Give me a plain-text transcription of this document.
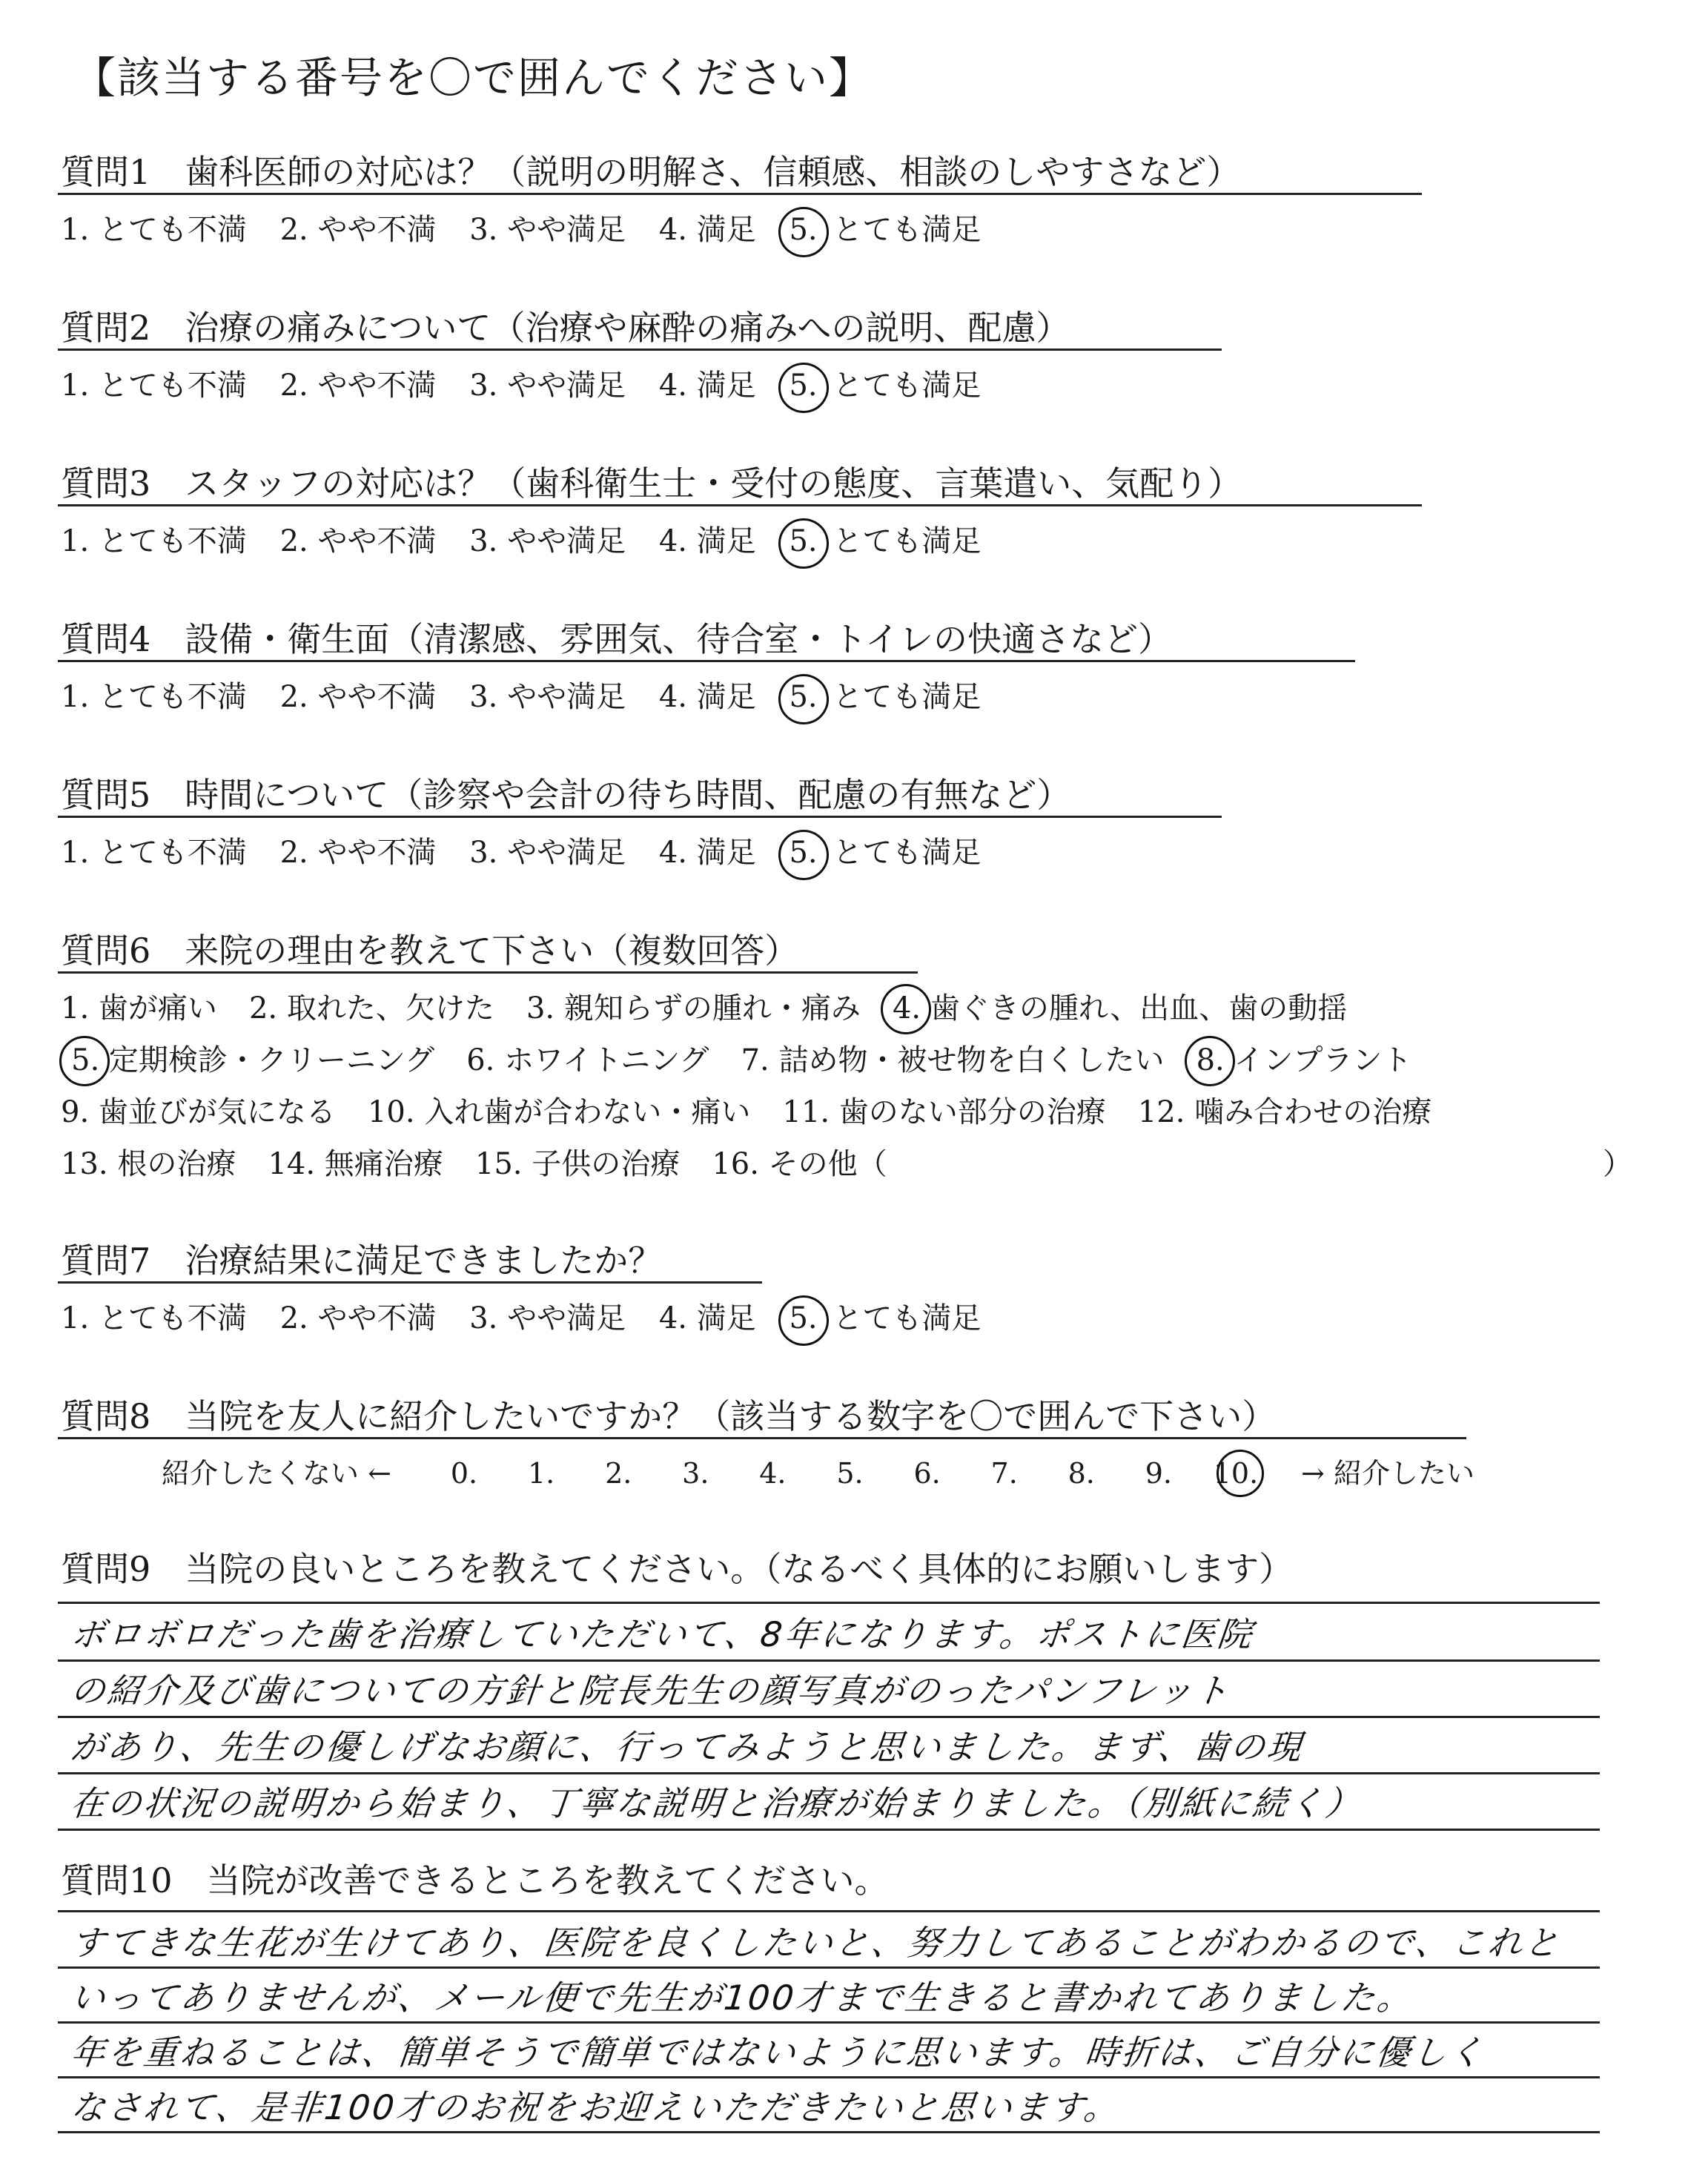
【該当する番号を〇で囲んでください】
質問1　歯科医師の対応は？（説明の明解さ、信頼感、相談のしやすさなど）
1. とても不満 2. やや不満 3. やや満足 4. 満足 5. とても満足
質問2　治療の痛みについて（治療や麻酔の痛みへの説明、配慮）
1. とても不満 2. やや不満 3. やや満足 4. 満足 5. とても満足
質問3　スタッフの対応は？（歯科衛生士・受付の態度、言葉遣い、気配り）
1. とても不満 2. やや不満 3. やや満足 4. 満足 5. とても満足
質問4　設備・衛生面（清潔感、雰囲気、待合室・トイレの快適さなど）
1. とても不満 2. やや不満 3. やや満足 4. 満足 5. とても満足
質問5　時間について（診察や会計の待ち時間、配慮の有無など）
1. とても不満 2. やや不満 3. やや満足 4. 満足 5. とても満足
質問6　来院の理由を教えて下さい（複数回答）
1. 歯が痛い 2. 取れた、欠けた 3. 親知らずの腫れ・痛み 4. 歯ぐきの腫れ、出血、歯の動揺
5. 定期検診・クリーニング 6. ホワイトニング 7. 詰め物・被せ物を白くしたい 8. インプラント
9. 歯並びが気になる 10. 入れ歯が合わない・痛い 11. 歯のない部分の治療 12. 噛み合わせの治療
13. 根の治療 14. 無痛治療 15. 子供の治療 16. その他（	）
質問7　治療結果に満足できましたか？
1. とても不満 2. やや不満 3. やや満足 4. 満足 5. とても満足
質問8　当院を友人に紹介したいですか？（該当する数字を〇で囲んで下さい）
紹介したくない ← 0. 1. 2. 3. 4. 5. 6. 7. 8. 9. 10. → 紹介したい
質問9　当院の良いところを教えてください。（なるべく具体的にお願いします）
ボロボロだった歯を治療していただいて、8年になります。ポストに医院
の紹介及び歯についての方針と院長先生の顔写真がのったパンフレット
があり、先生の優しげなお顔に、行ってみようと思いました。まず、歯の現
在の状況の説明から始まり、丁寧な説明と治療が始まりました。（別紙に続く）
質問10　当院が改善できるところを教えてください。
すてきな生花が生けてあり、医院を良くしたいと、努力してあることがわかるので、これと
いってありませんが、メール便で先生が100才まで生きると書かれてありました。
年を重ねることは、簡単そうで簡単ではないように思います。時折は、ご自分に優しく
なされて、是非100才のお祝をお迎えいただきたいと思います。
